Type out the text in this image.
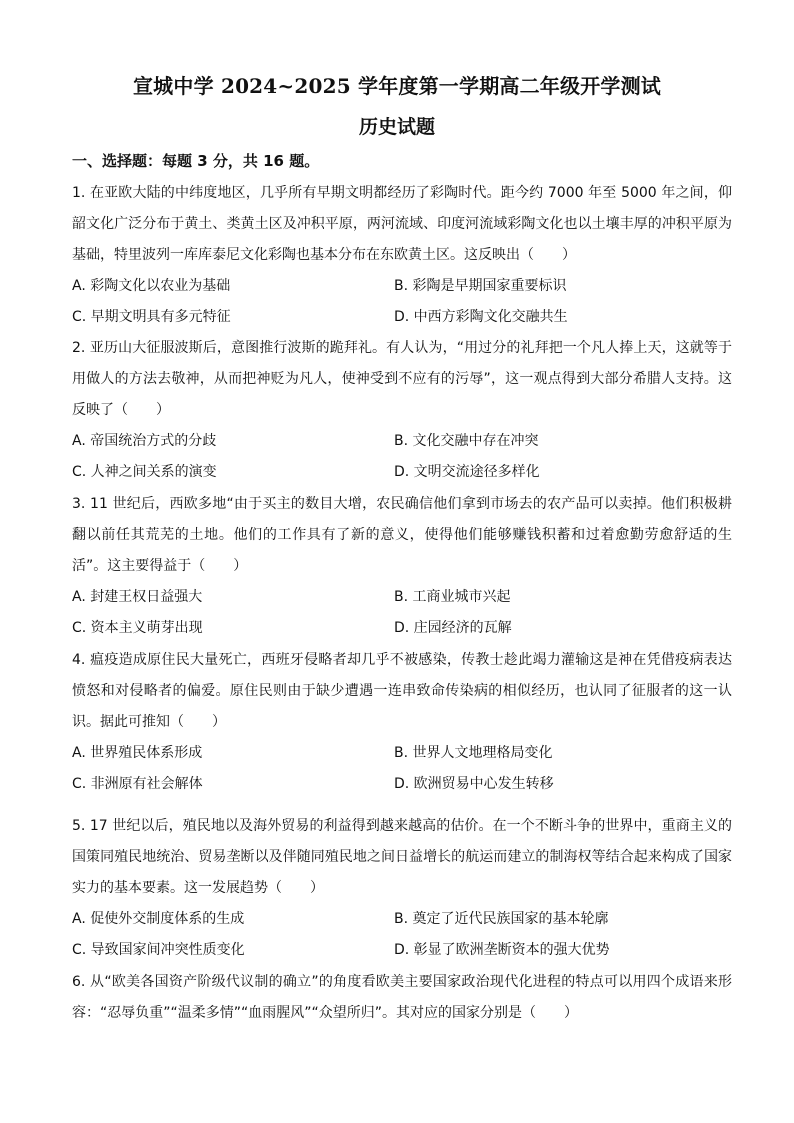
宣城中学 2024~2025 学年度第一学期高二年级开学测试
历史试题
一、选择题：每题 3 分，共 16 题。
1. 在亚欧大陆的中纬度地区，几乎所有早期文明都经历了彩陶时代。距今约 7000 年至 5000 年之间，仰韶文化广泛分布于黄土、类黄土区及冲积平原，两河流域、印度河流域彩陶文化也以土壤丰厚的冲积平原为基础，特里波列一库库泰尼文化彩陶也基本分布在东欧黄土区。这反映出（　　）
A. 彩陶文化以农业为基础	B. 彩陶是早期国家重要标识
C. 早期文明具有多元特征	D. 中西方彩陶文化交融共生
2. 亚历山大征服波斯后，意图推行波斯的跪拜礼。有人认为，“用过分的礼拜把一个凡人捧上天，这就等于用做人的方法去敬神，从而把神贬为凡人，使神受到不应有的污辱”，这一观点得到大部分希腊人支持。这反映了（　　）
A. 帝国统治方式的分歧	B. 文化交融中存在冲突
C. 人神之间关系的演变	D. 文明交流途径多样化
3. 11 世纪后，西欧多地“由于买主的数目大增，农民确信他们拿到市场去的农产品可以卖掉。他们积极耕翻以前任其荒芜的土地。他们的工作具有了新的意义，使得他们能够赚钱积蓄和过着愈勤劳愈舒适的生活”。这主要得益于（　　）
A. 封建王权日益强大	B. 工商业城市兴起
C. 资本主义萌芽出现	D. 庄园经济的瓦解
4. 瘟疫造成原住民大量死亡，西班牙侵略者却几乎不被感染，传教士趁此竭力灌输这是神在凭借疫病表达愤怒和对侵略者的偏爱。原住民则由于缺少遭遇一连串致命传染病的相似经历，也认同了征服者的这一认识。据此可推知（　　）
A. 世界殖民体系形成	B. 世界人文地理格局变化
C. 非洲原有社会解体	D. 欧洲贸易中心发生转移
5. 17 世纪以后，殖民地以及海外贸易的利益得到越来越高的估价。在一个不断斗争的世界中，重商主义的国策同殖民地统治、贸易垄断以及伴随同殖民地之间日益增长的航运而建立的制海权等结合起来构成了国家实力的基本要素。这一发展趋势（　　）
A. 促使外交制度体系的生成	B. 奠定了近代民族国家的基本轮廓
C. 导致国家间冲突性质变化	D. 彰显了欧洲垄断资本的强大优势
6. 从“欧美各国资产阶级代议制的确立”的角度看欧美主要国家政治现代化进程的特点可以用四个成语来形容：“忍辱负重”“温柔多情”“血雨腥风”“众望所归”。其对应的国家分别是（　　）
